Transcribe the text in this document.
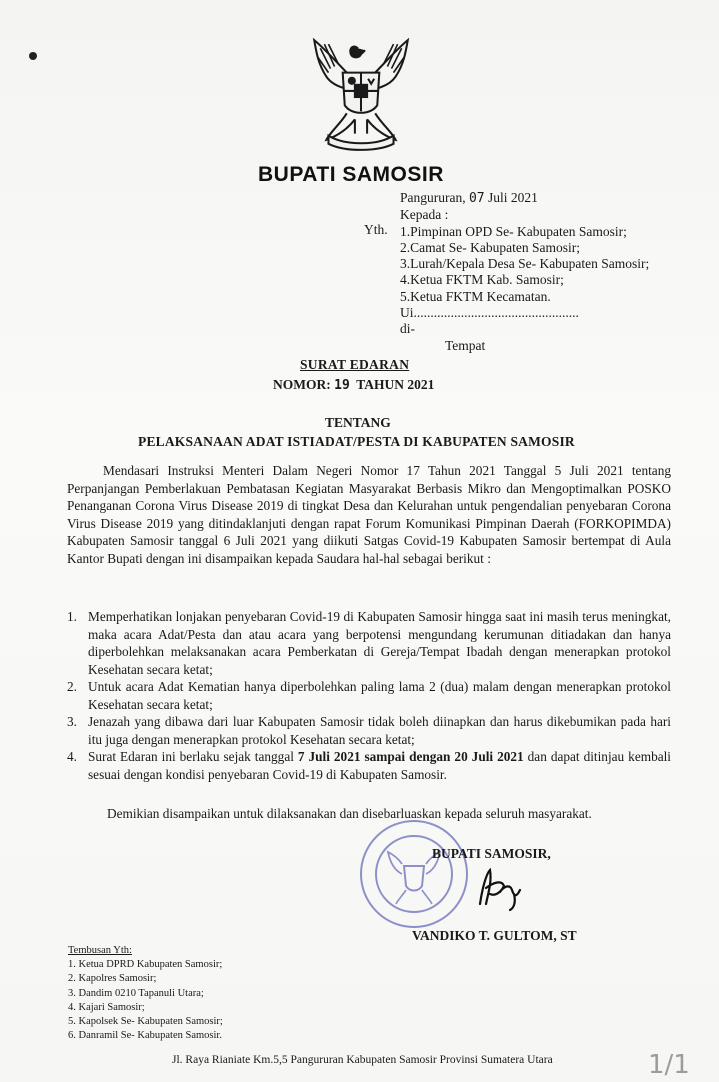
BUPATI SAMOSIR
Pangururan, 07 Juli 2021
Kepada :
1.Pimpinan OPD Se- Kabupaten Samosir;
2.Camat Se- Kabupaten Samosir;
3.Lurah/Kepala Desa Se- Kabupaten Samosir;
4.Ketua FKTM Kab. Samosir;
5.Ketua FKTM Kecamatan.
Ui.................................................
di-
Tempat
Yth.
SURAT EDARAN
NOMOR: 19 TAHUN 2021
TENTANG
PELAKSANAAN ADAT ISTIADAT/PESTA DI KABUPATEN SAMOSIR

Mendasari Instruksi Menteri Dalam Negeri Nomor 17 Tahun 2021 Tanggal 5 Juli 2021 tentang Perpanjangan Pemberlakuan Pembatasan Kegiatan Masyarakat Berbasis Mikro dan Mengoptimalkan POSKO Penanganan Corona Virus Disease 2019 di tingkat Desa dan Kelurahan untuk pengendalian penyebaran Corona Virus Disease 2019 yang ditindaklanjuti dengan rapat Forum Komunikasi Pimpinan Daerah (FORKOPIMDA) Kabupaten Samosir tanggal 6 Juli 2021 yang diikuti Satgas Covid-19 Kabupaten Samosir bertempat di Aula Kantor Bupati dengan ini disampaikan kepada Saudara hal-hal sebagai berikut :

1. Memperhatikan lonjakan penyebaran Covid-19 di Kabupaten Samosir hingga saat ini masih terus meningkat, maka acara Adat/Pesta dan atau acara yang berpotensi mengundang kerumunan ditiadakan dan hanya diperbolehkan melaksanakan acara Pemberkatan di Gereja/Tempat Ibadah dengan menerapkan protokol Kesehatan secara ketat;
2. Untuk acara Adat Kematian hanya diperbolehkan paling lama 2 (dua) malam dengan menerapkan protokol Kesehatan secara ketat;
3. Jenazah yang dibawa dari luar Kabupaten Samosir tidak boleh diinapkan dan harus dikebumikan pada hari itu juga dengan menerapkan protokol Kesehatan secara ketat;
4. Surat Edaran ini berlaku sejak tanggal 7 Juli 2021 sampai dengan 20 Juli 2021 dan dapat ditinjau kembali sesuai dengan kondisi penyebaran Covid-19 di Kabupaten Samosir.
Demikian disampaikan untuk dilaksanakan dan disebarluaskan kepada seluruh masyarakat.
BUPATI SAMOSIR,
VANDIKO T. GULTOM, ST
Tembusan Yth:
1. Ketua DPRD Kabupaten Samosir;
2. Kapolres Samosir;
3. Dandim 0210 Tapanuli Utara;
4. Kajari Samosir;
5. Kapolsek Se- Kabupaten Samosir;
6. Danramil Se- Kabupaten Samosir.
Jl. Raya Rianiate Km.5,5 Pangururan Kabupaten Samosir Provinsi Sumatera Utara	1/1
